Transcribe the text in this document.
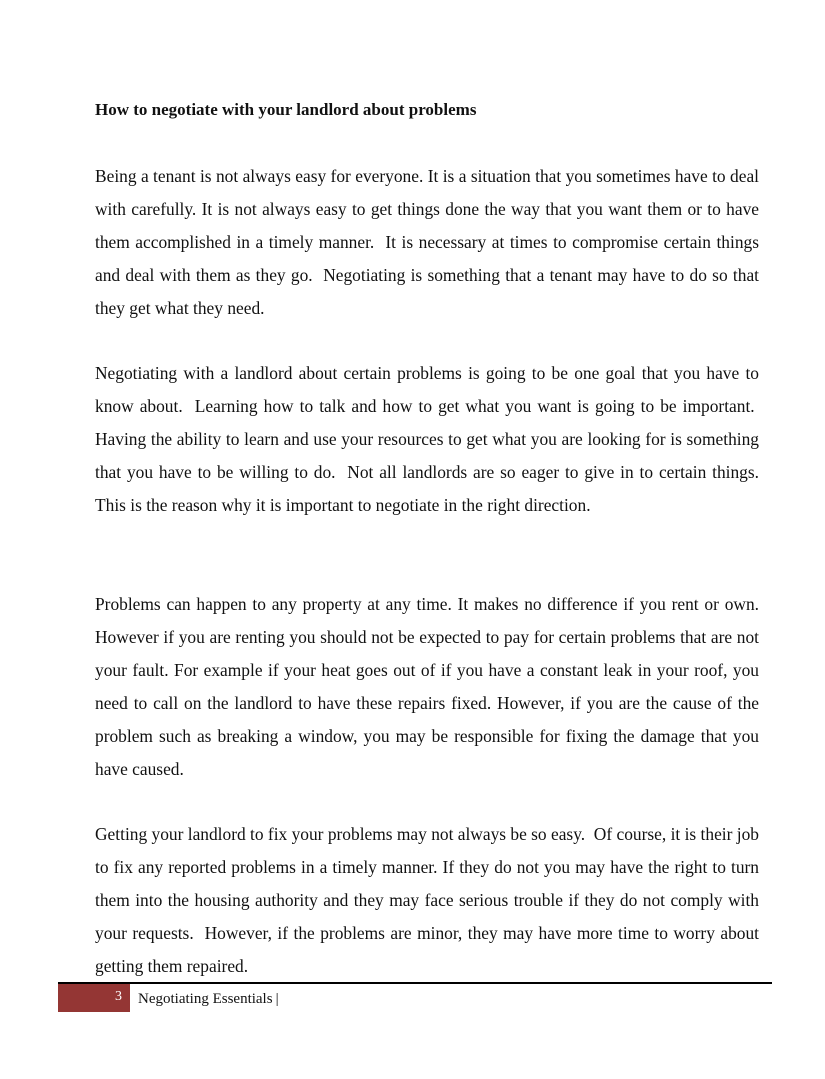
How to negotiate with your landlord about problems

Being a tenant is not always easy for everyone. It is a situation that you sometimes have to deal with carefully. It is not always easy to get things done the way that you want them or to have them accomplished in a timely manner.  It is necessary at times to compromise certain things and deal with them as they go.  Negotiating is something that a tenant may have to do so that they get what they need.

Negotiating with a landlord about certain problems is going to be one goal that you have to know about.  Learning how to talk and how to get what you want is going to be important.  Having the ability to learn and use your resources to get what you are looking for is something that you have to be willing to do.  Not all landlords are so eager to give in to certain things. This is the reason why it is important to negotiate in the right direction.

Problems can happen to any property at any time. It makes no difference if you rent or own. However if you are renting you should not be expected to pay for certain problems that are not your fault. For example if your heat goes out of if you have a constant leak in your roof, you need to call on the landlord to have these repairs fixed. However, if you are the cause of the problem such as breaking a window, you may be responsible for fixing the damage that you have caused.

Getting your landlord to fix your problems may not always be so easy.  Of course, it is their job to fix any reported problems in a timely manner. If they do not you may have the right to turn them into the housing authority and they may face serious trouble if they do not comply with your requests.  However, if the problems are minor, they may have more time to worry about getting them repaired.

3 Negotiating Essentials |
